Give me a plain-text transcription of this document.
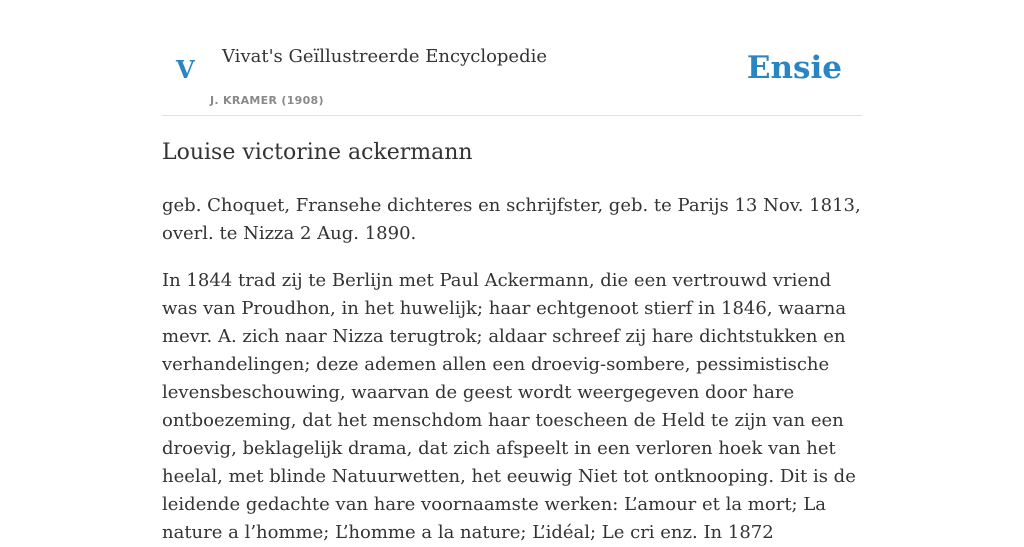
V Vivat's Geïllustreerde Encyclopedie
J. KRAMER (1908)
Ensie
Louise victorine ackermann

geb. Choquet, Fransehe dichteres en schrijfster, geb. te Parijs 13 Nov. 1813, overl. te Nizza 2 Aug. 1890.

In 1844 trad zij te Berlijn met Paul Ackermann, die een vertrouwd vriend was van Proudhon, in het huwelijk; haar echtgenoot stierf in 1846, waarna mevr. A. zich naar Nizza terugtrok; aldaar schreef zij hare dichtstukken en verhandelingen; deze ademen allen een droevig-sombere, pessimistische levensbeschouwing, waarvan de geest wordt weergegeven door hare ontboezeming, dat het menschdom haar toescheen de Held te zijn van een droevig, beklagelijk drama, dat zich afspeelt in een verloren hoek van het heelal, met blinde Natuurwetten, het eeuwig Niet tot ontknooping. Dit is de leidende gedachte van hare voornaamste werken: L’amour et la mort; La nature a l’homme; L’homme a la nature; L’idéal; Le cri enz. In 1872
